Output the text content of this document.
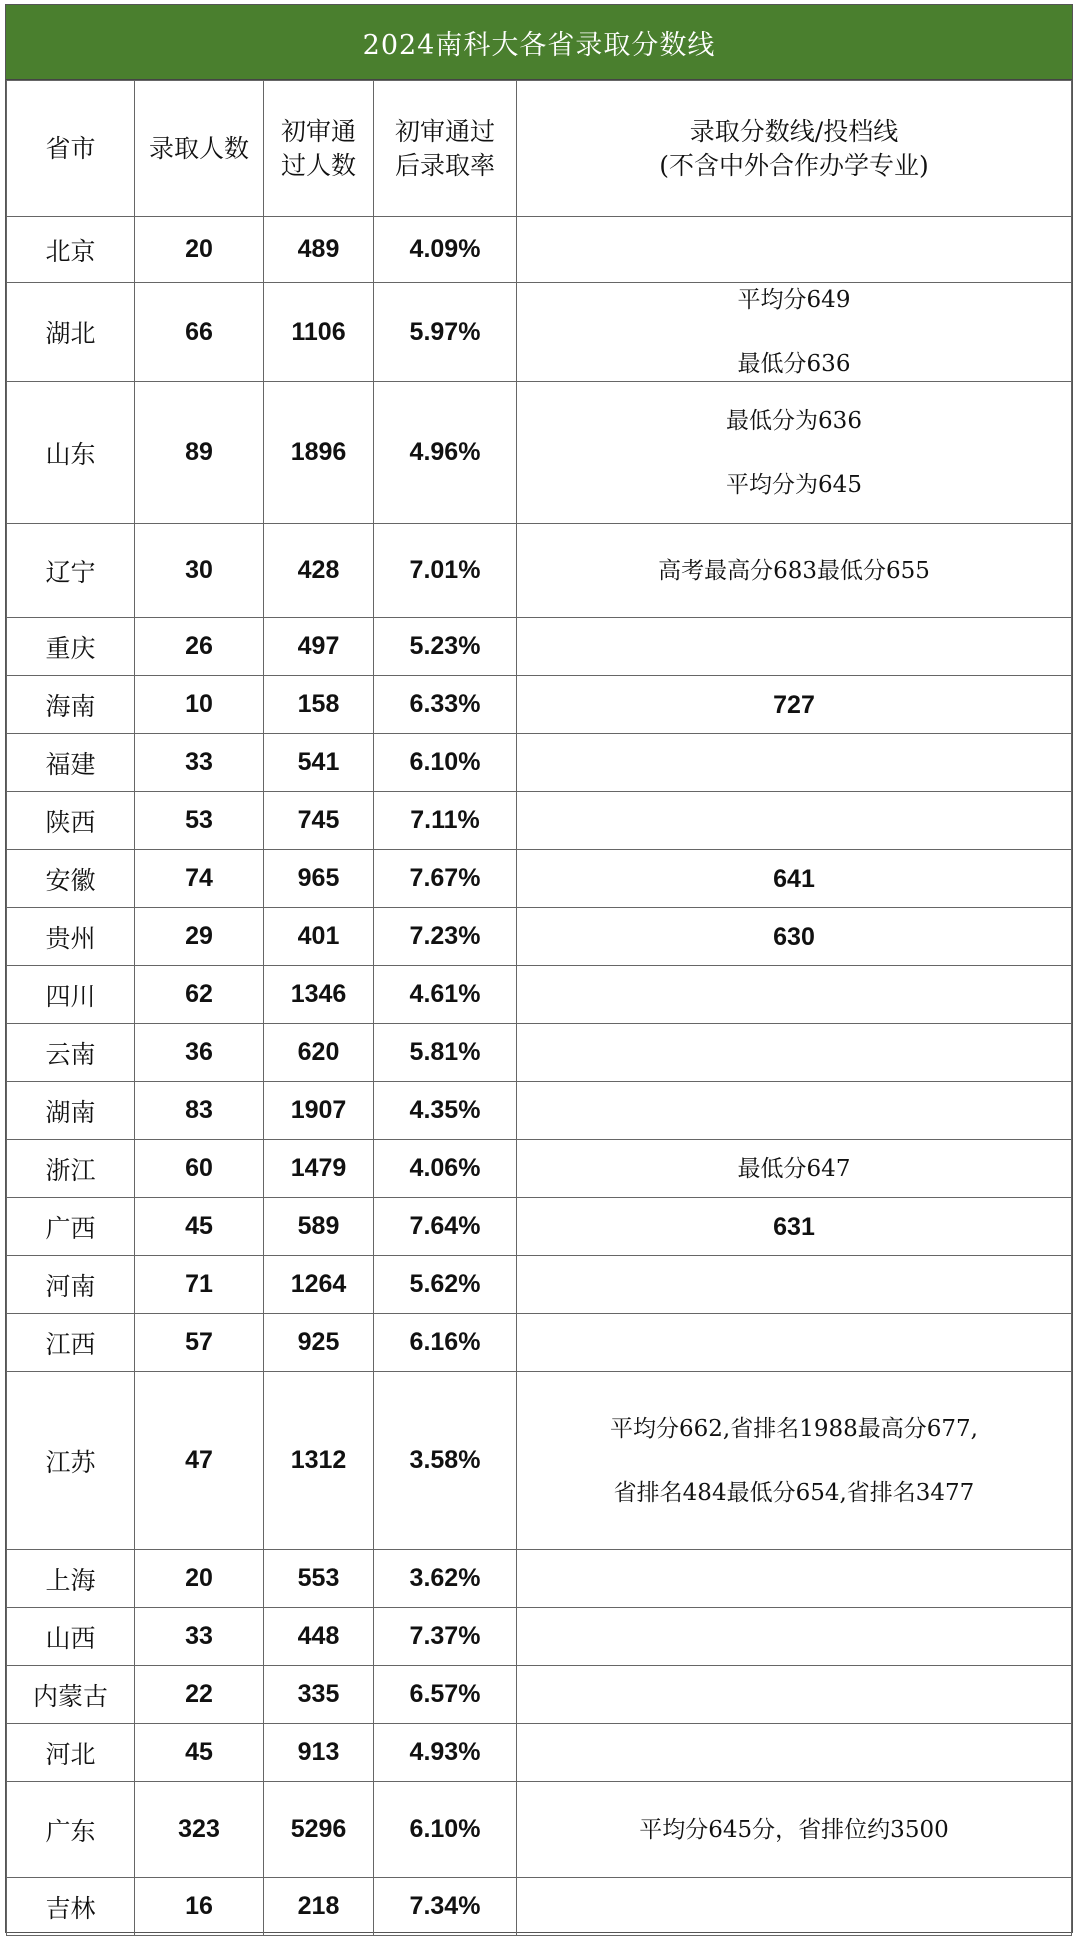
2024南科大各省录取分数线
省市	录取人数	初审通
过人数	初审通过
后录取率	录取分数线/投档线
(不含中外合作办学专业)

北京	20	489	4.09%	
湖北	66	1106	5.97%	平均分649
最低分636

山东	89	1896	4.96%	最低分为636
平均分为645

辽宁	30	428	7.01%	高考最高分683最低分655

重庆	26	497	5.23%	
海南	10	158	6.33%	727

福建	33	541	6.10%	
陕西	53	745	7.11%	
安徽	74	965	7.67%	641

贵州	29	401	7.23%	630

四川	62	1346	4.61%	
云南	36	620	5.81%	
湖南	83	1907	4.35%	
浙江	60	1479	4.06%	最低分647

广西	45	589	7.64%	631

河南	71	1264	5.62%	
江西	57	925	6.16%	
江苏	47	1312	3.58%	平均分662,省排名1988最高分677,
省排名484最低分654,省排名3477

上海	20	553	3.62%	
山西	33	448	7.37%	
内蒙古	22	335	6.57%	
河北	45	913	4.93%	
广东	323	5296	6.10%	平均分645分，省排位约3500

吉林	16	218	7.34%	
